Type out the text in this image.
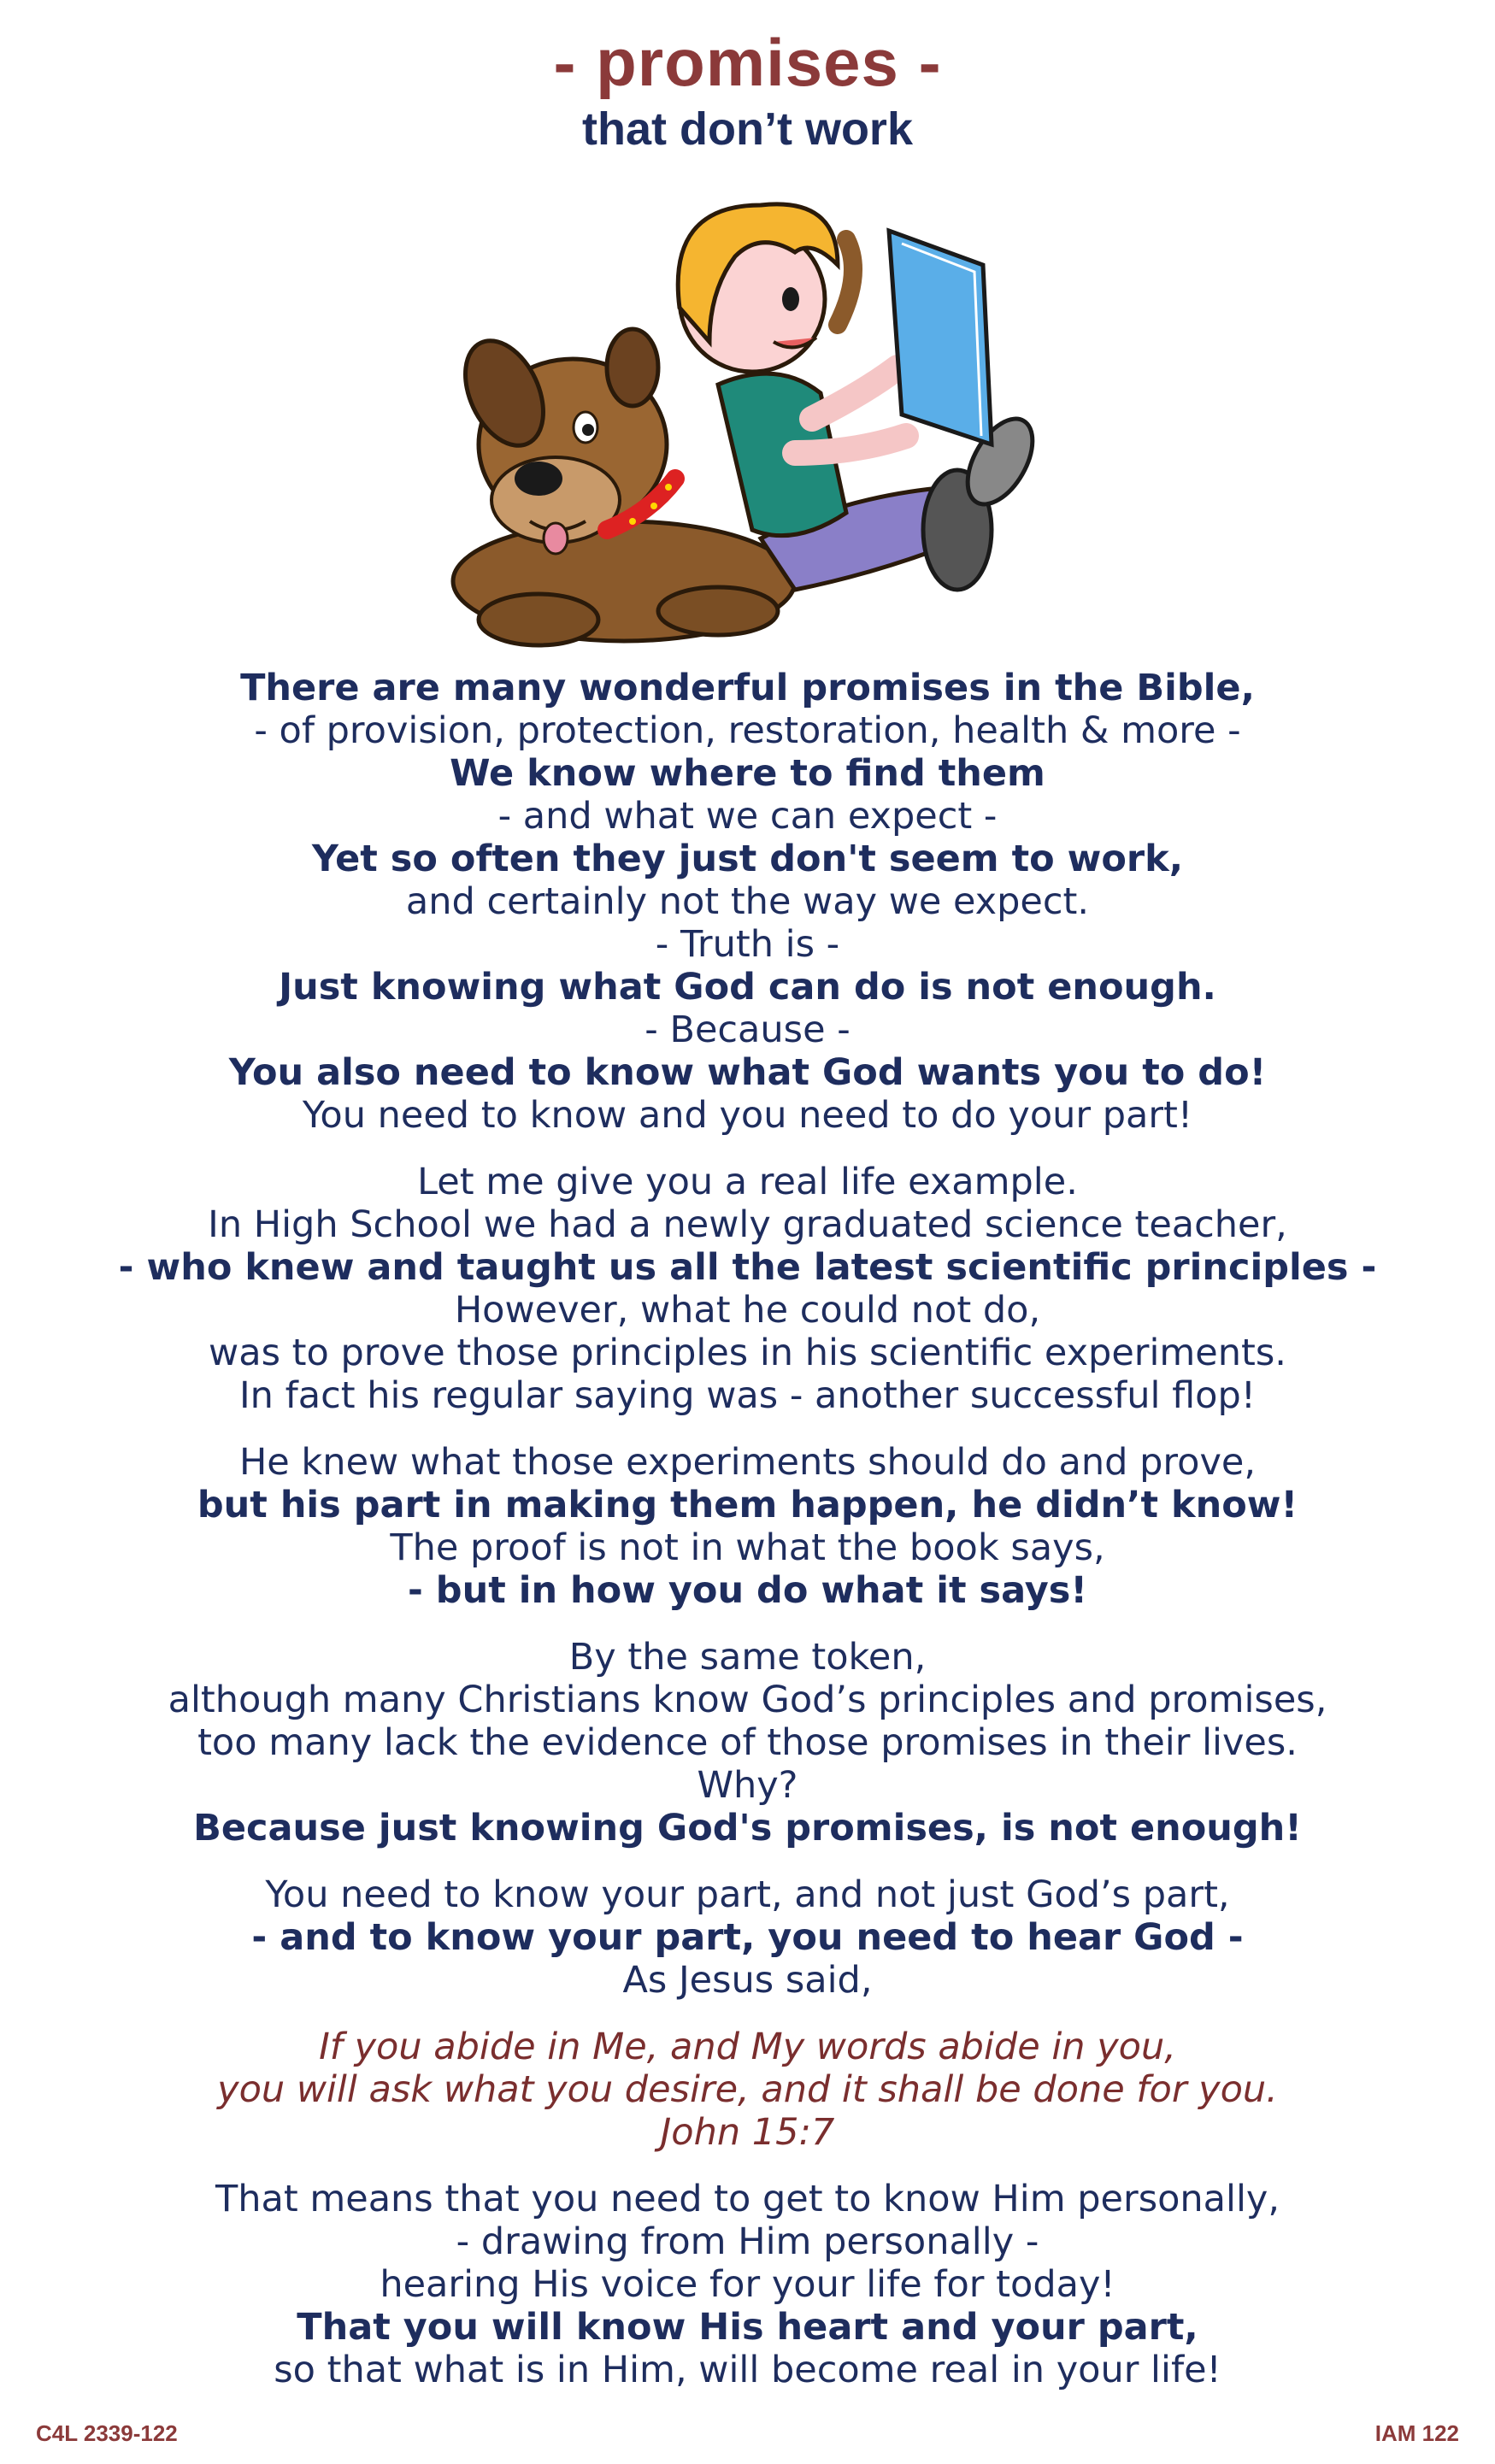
- promises -
that don’t work
There are many wonderful promises in the Bible,
- of provision, protection, restoration, health & more -
We know where to find them
- and what we can expect -
Yet so often they just don't seem to work,
and certainly not the way we expect.
- Truth is -
Just knowing what God can do is not enough.
- Because -
You also need to know what God wants you to do!
You need to know and you need to do your part!
Let me give you a real life example.
In High School we had a newly graduated science teacher,
- who knew and taught us all the latest scientific principles -
However, what he could not do,
was to prove those principles in his scientific experiments.
In fact his regular saying was - another successful flop!
He knew what those experiments should do and prove,
but his part in making them happen, he didn’t know!
The proof is not in what the book says,
- but in how you do what it says!
By the same token,
although many Christians know God’s principles and promises,
too many lack the evidence of those promises in their lives.
Why?
Because just knowing God's promises, is not enough!
You need to know your part, and not just God’s part,
- and to know your part, you need to hear God -
As Jesus said,
If you abide in Me, and My words abide in you,
you will ask what you desire, and it shall be done for you.
John 15:7
That means that you need to get to know Him personally,
- drawing from Him personally -
hearing His voice for your life for today!
That you will know His heart and your part,
so that what is in Him, will become real in your life!
C4L 2339-122	IAM 122
